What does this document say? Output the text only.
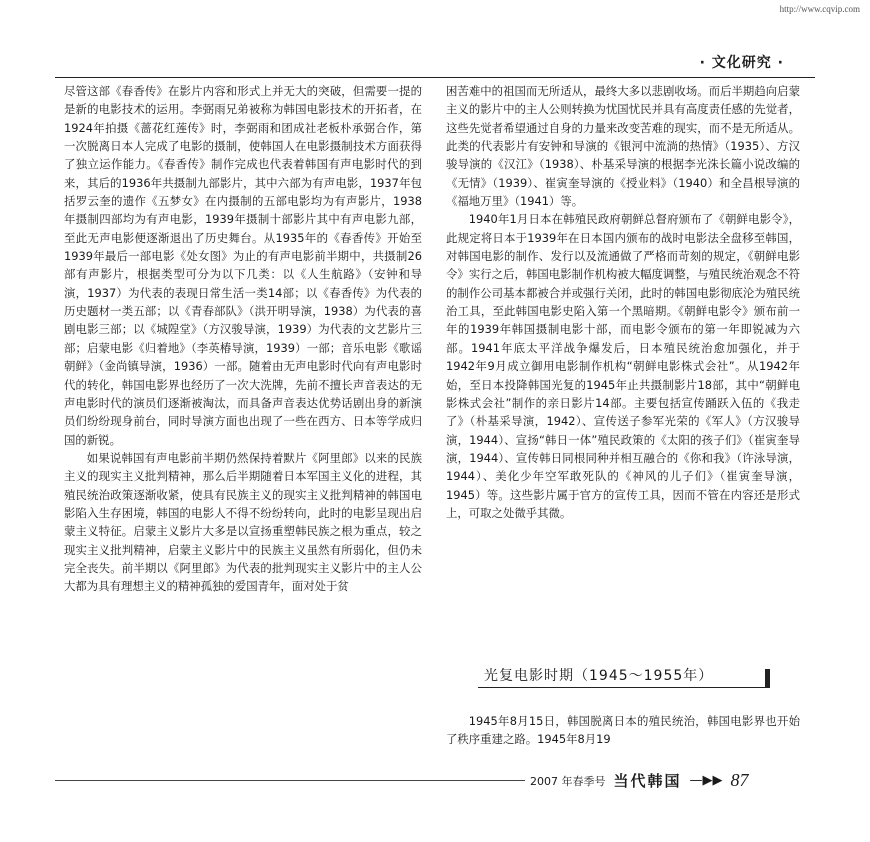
http://www.cqvip.com
· 文化研究 ·

尽管这部《春香传》在影片内容和形式上并无大的突破，但需要一提的是新的电影技术的运用。李弼雨兄弟被称为韩国电影技术的开拓者，在1924年拍摄《蔷花红莲传》时，李弼雨和团成社老板朴承弼合作，第一次脱离日本人完成了电影的摄制，使韩国人在电影摄制技术方面获得了独立运作能力。《春香传》制作完成也代表着韩国有声电影时代的到来，其后的1936年共摄制九部影片，其中六部为有声电影，1937年包括罗云奎的遗作《五梦女》在内摄制的五部电影均为有声影片，1938年摄制四部均为有声电影，1939年摄制十部影片其中有声电影九部，至此无声电影便逐渐退出了历史舞台。从1935年的《春香传》开始至1939年最后一部电影《处女图》为止的有声电影前半期中，共摄制26部有声影片，根据类型可分为以下几类：以《人生航路》（安钟和导演，1937）为代表的表现日常生活一类14部；以《春香传》为代表的历史题材一类五部；以《青春部队》（洪开明导演，1938）为代表的喜剧电影三部；以《城隍堂》（方汉骏导演，1939）为代表的文艺影片三部；启蒙电影《归着地》（李英椿导演，1939）一部；音乐电影《歌谣朝鲜》（金尚镇导演，1936）一部。随着由无声电影时代向有声电影时代的转化，韩国电影界也经历了一次大洗牌，先前不擅长声音表达的无声电影时代的演员们逐渐被淘汰，而具备声音表达优势话剧出身的新演员们纷纷现身前台，同时导演方面也出现了一些在西方、日本等学成归国的新锐。

如果说韩国有声电影前半期仍然保持着默片《阿里郎》以来的民族主义的现实主义批判精神，那么后半期随着日本军国主义化的进程，其殖民统治政策逐渐收紧，使具有民族主义的现实主义批判精神的韩国电影陷入生存困境，韩国的电影人不得不纷纷转向，此时的电影呈现出启蒙主义特征。启蒙主义影片大多是以宣扬重塑韩民族之根为重点，较之现实主义批判精神，启蒙主义影片中的民族主义虽然有所弱化，但仍未完全丧失。前半期以《阿里郎》为代表的批判现实主义影片中的主人公大都为具有理想主义的精神孤独的爱国青年，面对处于贫

困苦难中的祖国而无所适从，最终大多以悲剧收场。而后半期趋向启蒙主义的影片中的主人公则转换为忧国忧民并具有高度责任感的先觉者，这些先觉者希望通过自身的力量来改变苦难的现实，而不是无所适从。此类的代表影片有安钟和导演的《银河中流淌的热情》（1935）、方汉骏导演的《汉江》（1938）、朴基采导演的根据李光洙长篇小说改编的《无情》（1939）、崔寅奎导演的《授业料》（1940）和全昌根导演的《福地万里》（1941）等。

1940年1月日本在韩殖民政府朝鲜总督府颁布了《朝鲜电影令》，此规定将日本于1939年在日本国内颁布的战时电影法全盘移至韩国，对韩国电影的制作、发行以及流通做了严格而苛刻的规定，《朝鲜电影令》实行之后，韩国电影制作机构被大幅度调整，与殖民统治观念不符的制作公司基本都被合并或强行关闭，此时的韩国电影彻底沦为殖民统治工具，至此韩国电影史陷入第一个黑暗期。《朝鲜电影令》颁布前一年的1939年韩国摄制电影十部，而电影令颁布的第一年即锐减为六部。1941年底太平洋战争爆发后，日本殖民统治愈加强化，并于1942年9月成立御用电影制作机构“朝鲜电影株式会社”。从1942年始，至日本投降韩国光复的1945年止共摄制影片18部，其中“朝鲜电影株式会社”制作的亲日影片14部。主要包括宣传踊跃入伍的《我走了》（朴基采导演，1942）、宣传送子参军光荣的《军人》（方汉骏导演，1944）、宣扬“韩日一体”殖民政策的《太阳的孩子们》（崔寅奎导演，1944）、宣传韩日同根同种并相互融合的《你和我》（许泳导演，1944）、美化少年空军敢死队的《神风的儿子们》（崔寅奎导演，1945）等。这些影片属于官方的宣传工具，因而不管在内容还是形式上，可取之处微乎其微。

光复电影时期（1945～1955年）

1945年8月15日，韩国脱离日本的殖民统治，韩国电影界也开始了秩序重建之路。1945年8月19

2007 年春季号 当代韩国 —▶▶ 87
